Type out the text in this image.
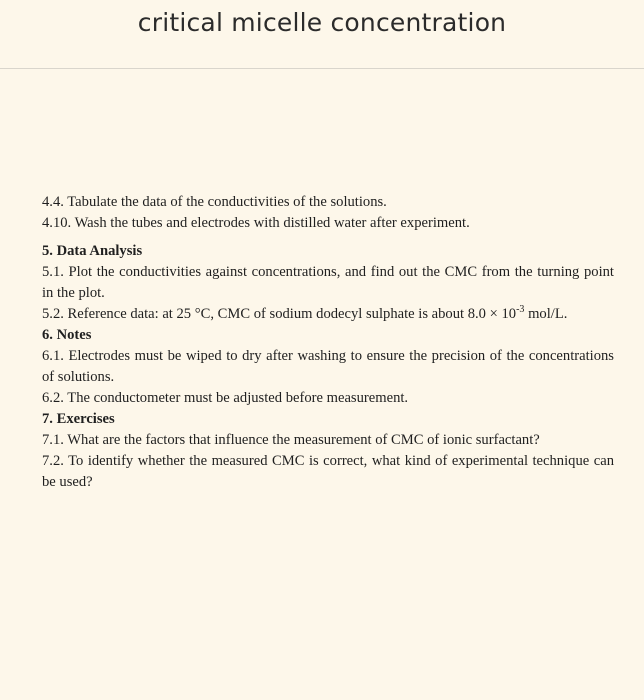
critical micelle concentration

4.4. Tabulate the data of the conductivities of the solutions.

4.10. Wash the tubes and electrodes with distilled water after experiment.

5. Data Analysis

5.1. Plot the conductivities against concentrations, and find out the CMC from the turning point in the plot.

5.2. Reference data: at 25 °C, CMC of sodium dodecyl sulphate is about $8.0 \times 10^{-3}$ mol/L.

6. Notes

6.1. Electrodes must be wiped to dry after washing to ensure the precision of the concentrations of solutions.

6.2. The conductometer must be adjusted before measurement.

7. Exercises

7.1. What are the factors that influence the measurement of CMC of ionic surfactant?

7.2. To identify whether the measured CMC is correct, what kind of experimental technique can be used?
